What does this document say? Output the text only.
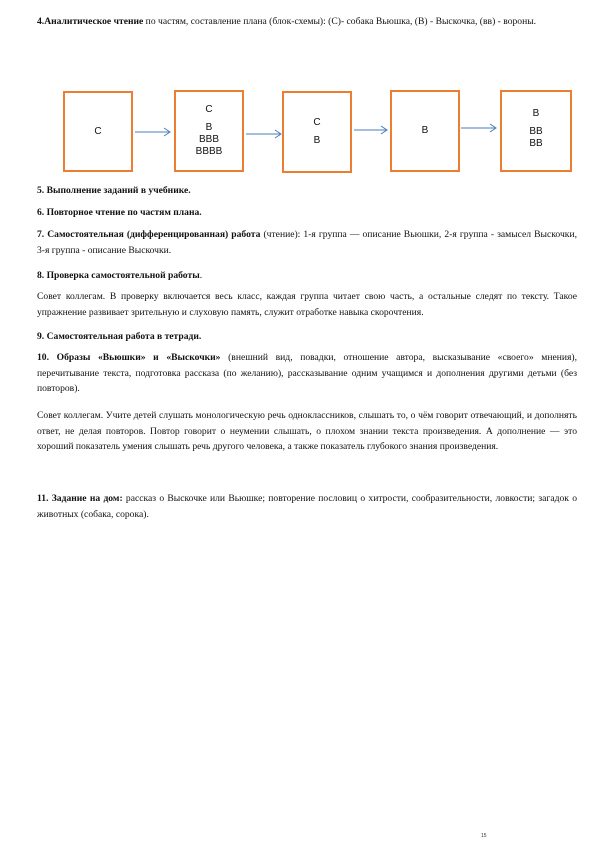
4.Аналитическое чтение по частям, составление плана (блок-схемы): (С)- собака Вьюшка, (В) - Выскочка, (вв) - вороны.
С
С
В
ВВВ
ВВВВ
С
В
В
В
ВВ
ВВ
5. Выполнение заданий в учебнике.
6. Повторное чтение по частям плана.
7. Самостоятельная (дифференцированная) работа (чтение): 1-я группа — описание Вьюшки, 2-я группа - замысел Выскочки, 3-я группа - описание Выскочки.
8. Проверка самостоятельной работы.
Совет коллегам. В проверку включается весь класс, каждая группа читает свою часть, а остальные следят по тексту. Такое упражнение развивает зрительную и слуховую память, служит отработке навыка скорочтения.
9. Самостоятельная работа в тетради.
10. Образы «Вьюшки» и «Выскочки» (внешний вид, повадки, отношение автора, высказывание «своего» мнения), перечитывание текста, подготовка рассказа (по желанию), рассказывание одним учащимся и дополнения другими детьми (без повторов).
Совет коллегам. Учите детей слушать монологическую речь одноклассников, слышать то, о чём говорит отвечающий, и дополнять ответ, не делая повторов. Повтор говорит о неумении слышать, о плохом знании текста произведения. А дополнение — это хороший показатель умения слышать речь другого человека, а также показатель глубокого знания произведения.
11. Задание на дом: рассказ о Выскочке или Вьюшке; повторение пословиц о хитрости, сообразительности, ловкости; загадок о животных (собака, сорока).
15
